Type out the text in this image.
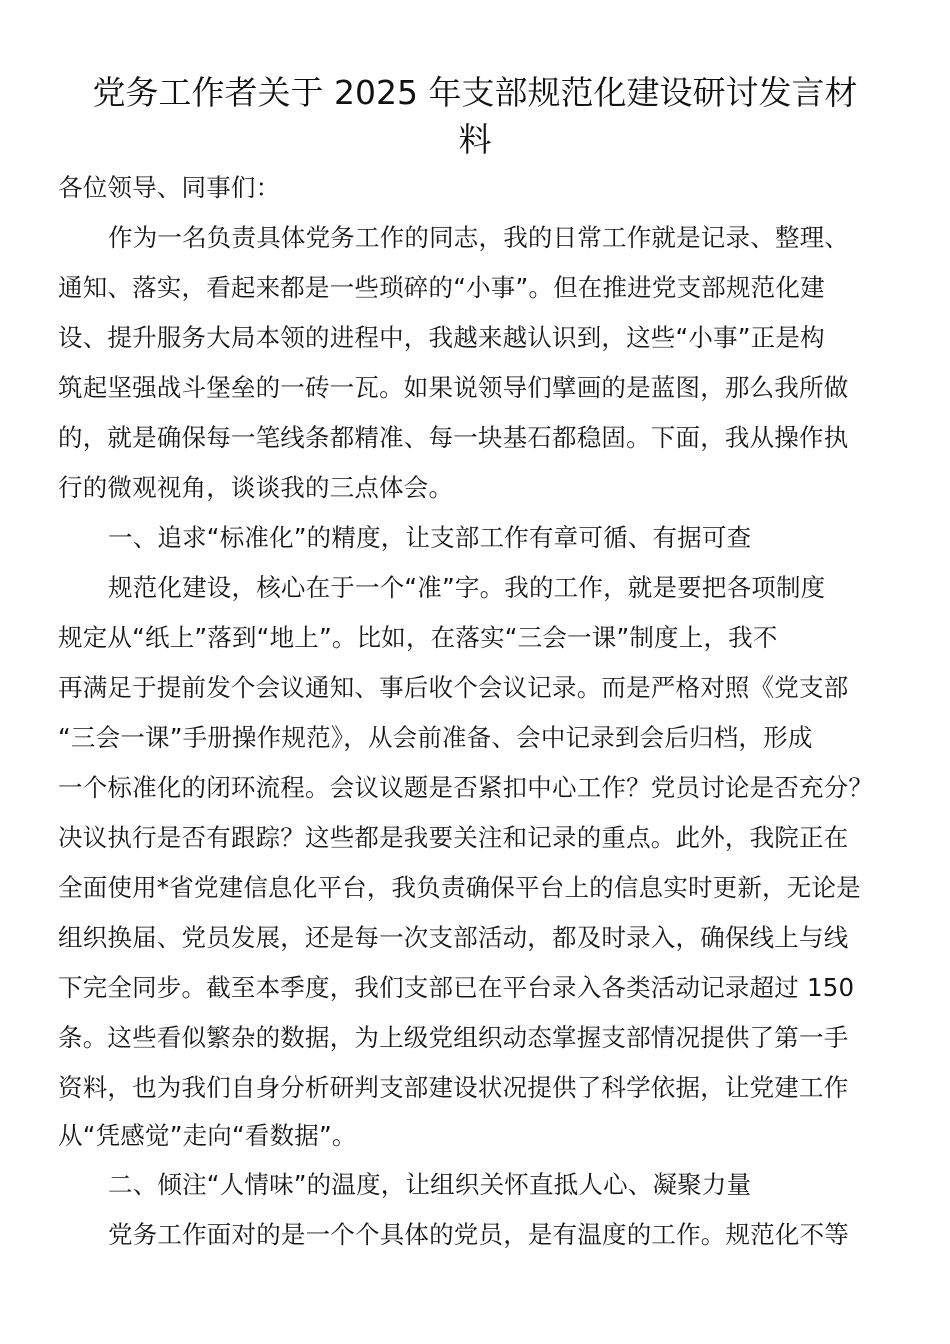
党务工作者关于 2025 年支部规范化建设研讨发言材
料
各位领导、同事们：
作为一名负责具体党务工作的同志，我的日常工作就是记录、整理、
通知、落实，看起来都是一些琐碎的“小事”。但在推进党支部规范化建
设、提升服务大局本领的进程中，我越来越认识到，这些“小事”正是构
筑起坚强战斗堡垒的一砖一瓦。如果说领导们擘画的是蓝图，那么我所做
的，就是确保每一笔线条都精准、每一块基石都稳固。下面，我从操作执
行的微观视角，谈谈我的三点体会。
一、追求“标准化”的精度，让支部工作有章可循、有据可查
规范化建设，核心在于一个“准”字。我的工作，就是要把各项制度
规定从“纸上”落到“地上”。比如，在落实“三会一课”制度上，我不
再满足于提前发个会议通知、事后收个会议记录。而是严格对照《党支部
“三会一课”手册操作规范》，从会前准备、会中记录到会后归档，形成
一个标准化的闭环流程。会议议题是否紧扣中心工作？党员讨论是否充分？
决议执行是否有跟踪？这些都是我要关注和记录的重点。此外，我院正在
全面使用*省党建信息化平台，我负责确保平台上的信息实时更新，无论是
组织换届、党员发展，还是每一次支部活动，都及时录入，确保线上与线
下完全同步。截至本季度，我们支部已在平台录入各类活动记录超过 150
条。这些看似繁杂的数据，为上级党组织动态掌握支部情况提供了第一手
资料，也为我们自身分析研判支部建设状况提供了科学依据，让党建工作
从“凭感觉”走向“看数据”。
二、倾注“人情味”的温度，让组织关怀直抵人心、凝聚力量
党务工作面对的是一个个具体的党员，是有温度的工作。规范化不等
